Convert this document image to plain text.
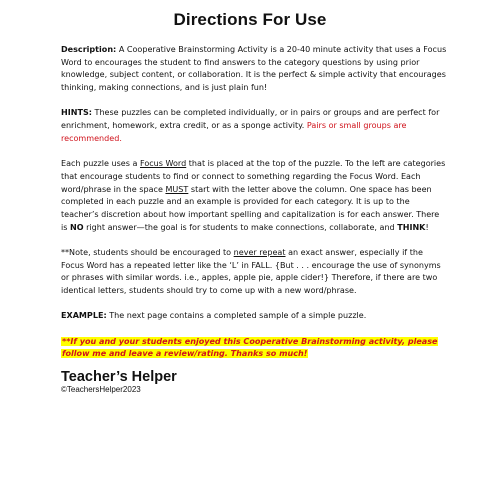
Directions For Use

Description: A Cooperative Brainstorming Activity is a 20-40 minute activity that uses a Focus Word to encourages the student to find answers to the category questions by using prior knowledge, subject content, or collaboration. It is the perfect & simple activity that encourages thinking, making connections, and is just plain fun!

HINTS: These puzzles can be completed individually, or in pairs or groups and are perfect for enrichment, homework, extra credit, or as a sponge activity. Pairs or small groups are recommended.

Each puzzle uses a Focus Word that is placed at the top of the puzzle. To the left are categories that encourage students to find or connect to something regarding the Focus Word. Each word/phrase in the space MUST start with the letter above the column. One space has been completed in each puzzle and an example is provided for each category. It is up to the teacher’s discretion about how important spelling and capitalization is for each answer. There is NO right answer—the goal is for students to make connections, collaborate, and THINK!

**Note, students should be encouraged to never repeat an exact answer, especially if the Focus Word has a repeated letter like the ‘L’ in FALL. {But . . . encourage the use of synonyms or phrases with similar words. i.e., apples, apple pie, apple cider!} Therefore, if there are two identical letters, students should try to come up with a new word/phrase.

EXAMPLE: The next page contains a completed sample of a simple puzzle.

**If you and your students enjoyed this Cooperative Brainstorming activity, please follow me and leave a review/rating. Thanks so much!

Teacher’s Helper
©TeachersHelper2023
